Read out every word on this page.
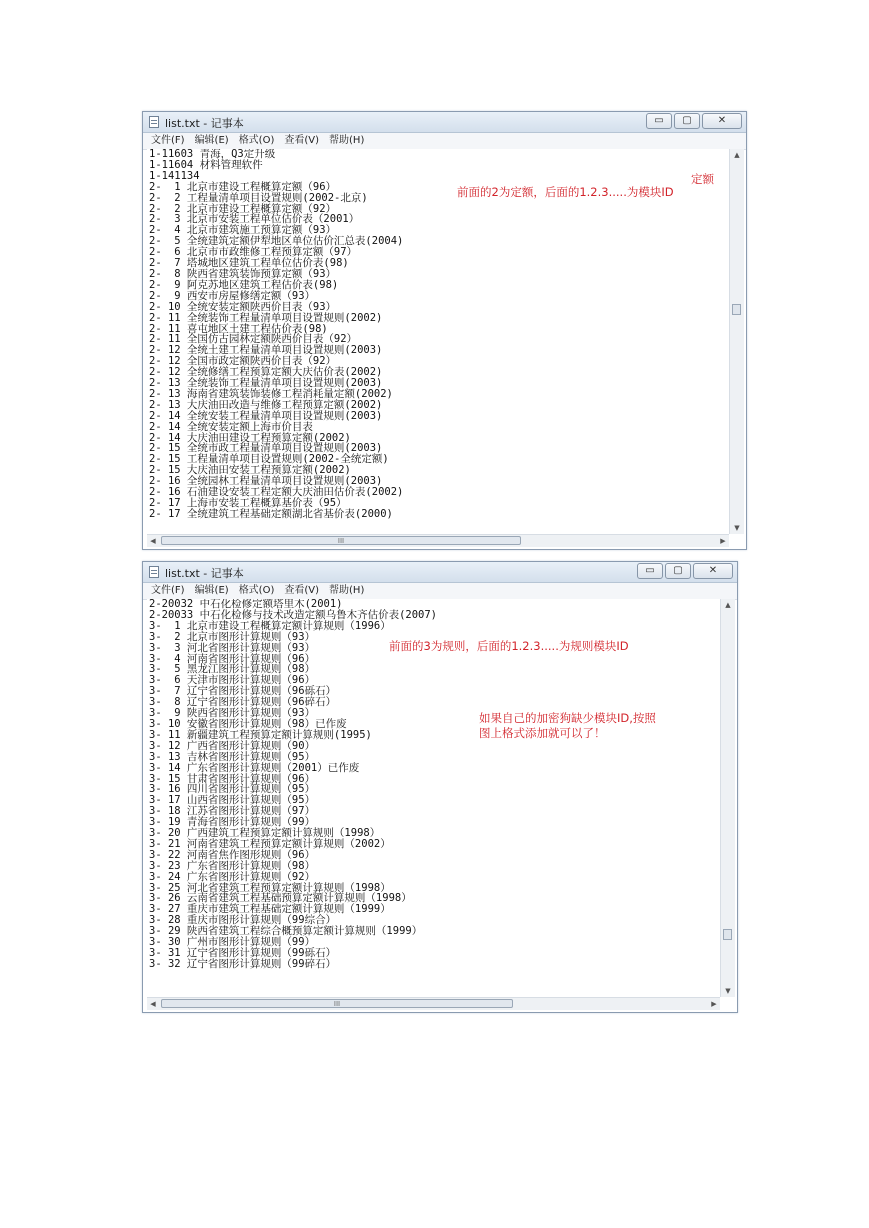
list.txt - 记事本	▭	▢	✕
文件(F) 编辑(E) 格式(O) 查看(V) 帮助(H)
1-11603 青海，Q3定升级
1-11604 材料管理软件
1-141134
2-  1 北京市建设工程概算定额（96）
2-  2 工程量清单项目设置规则(2002-北京)
2-  2 北京市建设工程概算定额（92）
2-  3 北京市安装工程单位估价表（2001）
2-  4 北京市建筑施工预算定额（93）
2-  5 全统建筑定额伊犁地区单位估价汇总表(2004)
2-  6 北京市市政维修工程预算定额（97）
2-  7 塔城地区建筑工程单位估价表(98)
2-  8 陕西省建筑装饰预算定额（93）
2-  9 阿克苏地区建筑工程估价表(98)
2-  9 西安市房屋修缮定额（93）
2- 10 全统安装定额陕西价目表（93）
2- 11 全统装饰工程量清单项目设置规则(2002)
2- 11 喜屯地区土建工程估价表(98)
2- 11 全国仿古园林定额陕西价目表（92）
2- 12 全统土建工程量清单项目设置规则(2003)
2- 12 全国市政定额陕西价目表（92）
2- 12 全统修缮工程预算定额大庆估价表(2002)
2- 13 全统装饰工程量清单项目设置规则(2003)
2- 13 海南省建筑装饰装修工程消耗量定额(2002)
2- 13 大庆油田改造与维修工程预算定额(2002)
2- 14 全统安装工程量清单项目设置规则(2003)
2- 14 全统安装定额上海市价目表
2- 14 大庆油田建设工程预算定额(2002)
2- 15 全统市政工程量清单项目设置规则(2003)
2- 15 工程量清单项目设置规则(2002-全统定额)
2- 15 大庆油田安装工程预算定额(2002)
2- 16 全统园林工程量清单项目设置规则(2003)
2- 16 石油建设安装工程定额大庆油田估价表(2002)
2- 17 上海市安装工程概算基价表（95）
2- 17 全统建筑工程基础定额湖北省基价表(2000)
▲
▼
◀	III	▶
定额
前面的2为定额，后面的1.2.3.....为模块ID
list.txt - 记事本	▭	▢	✕
文件(F) 编辑(E) 格式(O) 查看(V) 帮助(H)
2-20032 中石化检修定额塔里木(2001)
2-20033 中石化检修与技术改造定额乌鲁木齐估价表(2007)
3-  1 北京市建设工程概算定额计算规则（1996）
3-  2 北京市图形计算规则（93）
3-  3 河北省图形计算规则（93）
3-  4 河南省图形计算规则（96）
3-  5 黑龙江图形计算规则（98）
3-  6 天津市图形计算规则（96）
3-  7 辽宁省图形计算规则（96砾石）
3-  8 辽宁省图形计算规则（96碎石）
3-  9 陕西省图形计算规则（93）
3- 10 安徽省图形计算规则（98）已作废
3- 11 新疆建筑工程预算定额计算规则(1995)
3- 12 广西省图形计算规则（90）
3- 13 吉林省图形计算规则（95）
3- 14 广东省图形计算规则（2001）已作废
3- 15 甘肃省图形计算规则（96）
3- 16 四川省图形计算规则（95）
3- 17 山西省图形计算规则（95）
3- 18 江苏省图形计算规则（97）
3- 19 青海省图形计算规则（99）
3- 20 广西建筑工程预算定额计算规则（1998）
3- 21 河南省建筑工程预算定额计算规则（2002）
3- 22 河南省焦作图形规则（96）
3- 23 广东省图形计算规则（98）
3- 24 广东省图形计算规则（92）
3- 25 河北省建筑工程预算定额计算规则（1998）
3- 26 云南省建筑工程基础预算定额计算规则（1998）
3- 27 重庆市建筑工程基础定额计算规则（1999）
3- 28 重庆市图形计算规则（99综合）
3- 29 陕西省建筑工程综合概预算定额计算规则（1999）
3- 30 广州市图形计算规则（99）
3- 31 辽宁省图形计算规则（99砾石）
3- 32 辽宁省图形计算规则（99碎石）
▲
▼
◀	III	▶
前面的3为规则，后面的1.2.3.....为规则模块ID
如果自己的加密狗缺少模块ID,按照
图上格式添加就可以了！
